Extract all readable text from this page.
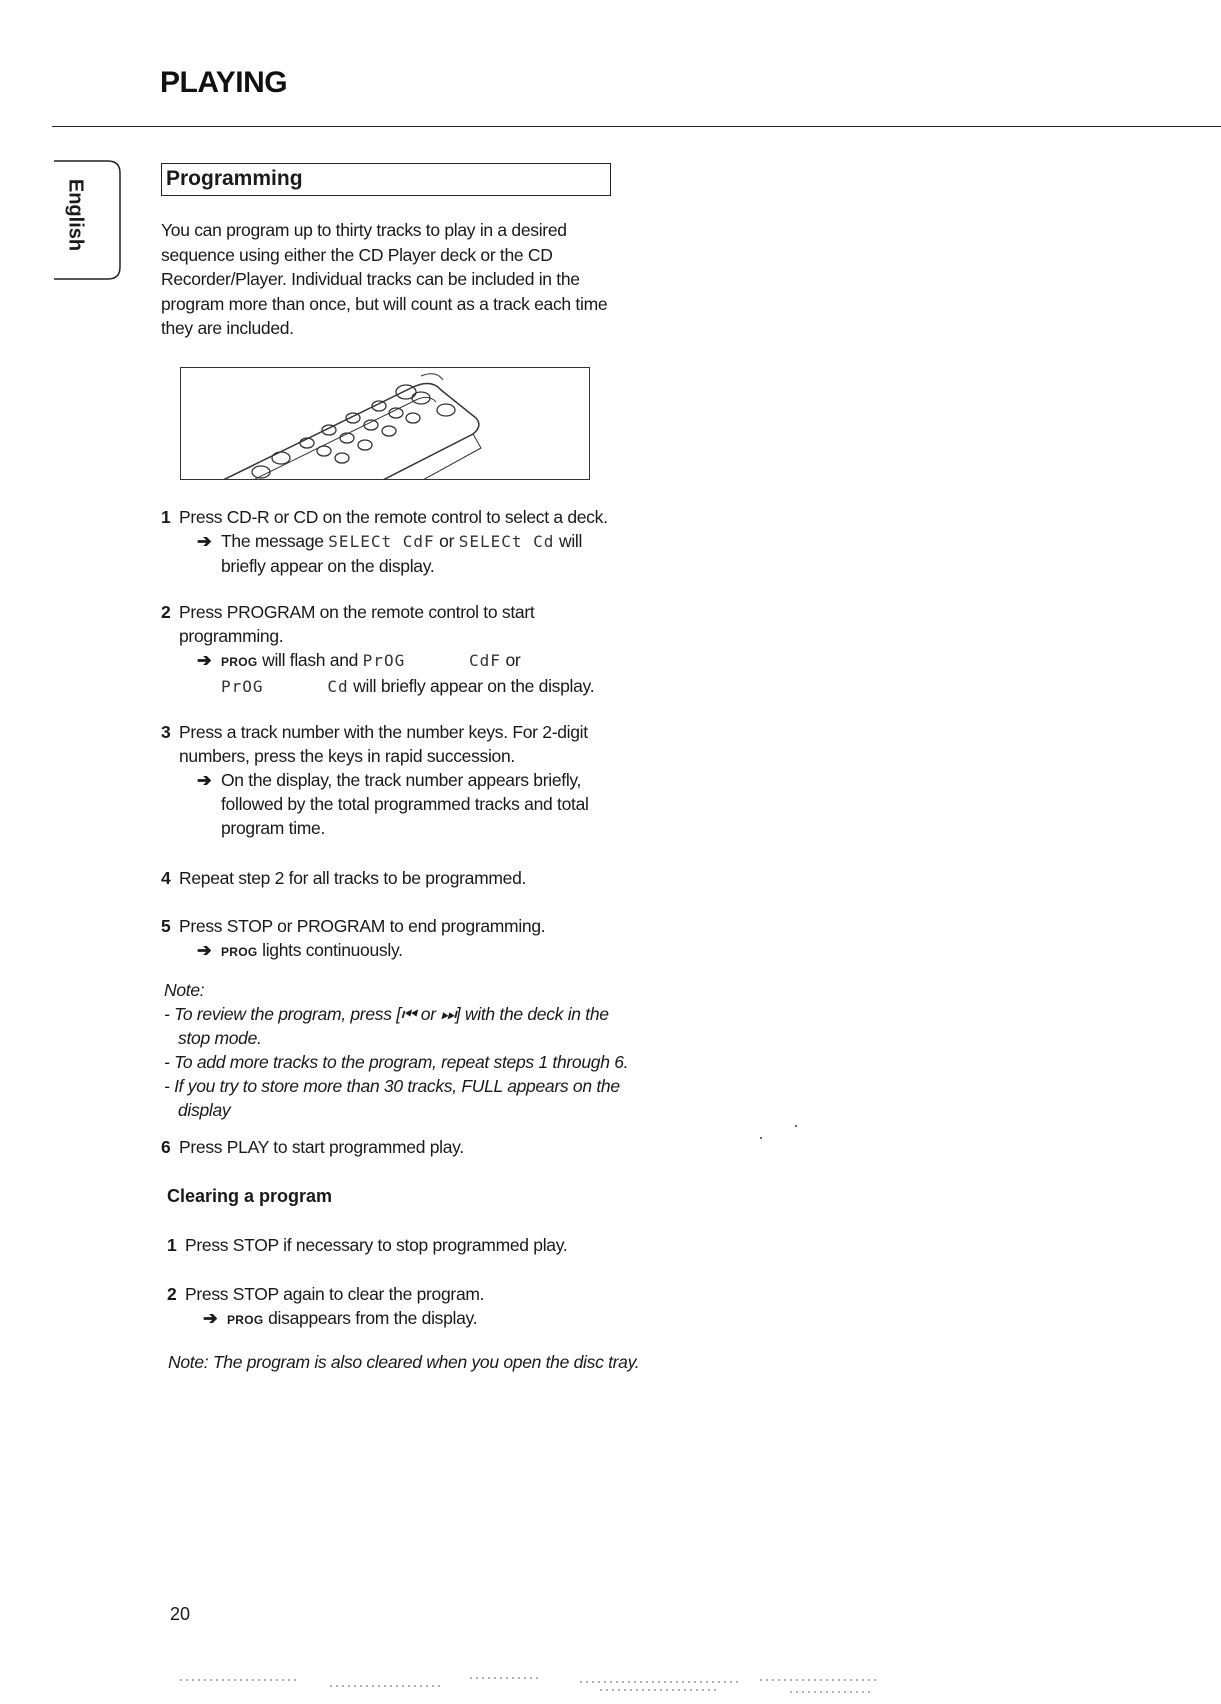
PLAYING
English
Programming
You can program up to thirty tracks to play in a desired sequence using either the CD Player deck or the CD Recorder/Player. Individual tracks can be included in the program more than once, but will count as a track each time they are included.
1 Press CD-R or CD on the remote control to select a deck.
➔ The message SELECt CdF or SELECt Cd will briefly appear on the display.
2 Press PROGRAM on the remote control to start programming.
➔ PROG will flash and PrOG      CdF or PrOG      Cd will briefly appear on the display.
3 Press a track number with the number keys. For 2-digit numbers, press the keys in rapid succession.
➔ On the display, the track number appears briefly, followed by the total programmed tracks and total program time.
4 Repeat step 2 for all tracks to be programmed.
5 Press STOP or PROGRAM to end programming.
➔ PROG lights continuously.
Note:
- To review the program, press [⏮ or ⏭] with the deck in the stop mode.
- To add more tracks to the program, repeat steps 1 through 6.
- If you try to store more than 30 tracks, FULL appears on the display
6 Press PLAY to start programmed play.
Clearing a program
1 Press STOP if necessary to stop programmed play.
2 Press STOP again to clear the program.
➔ PROG disappears from the display.
Note: The program is also cleared when you open the disc tray.
20
